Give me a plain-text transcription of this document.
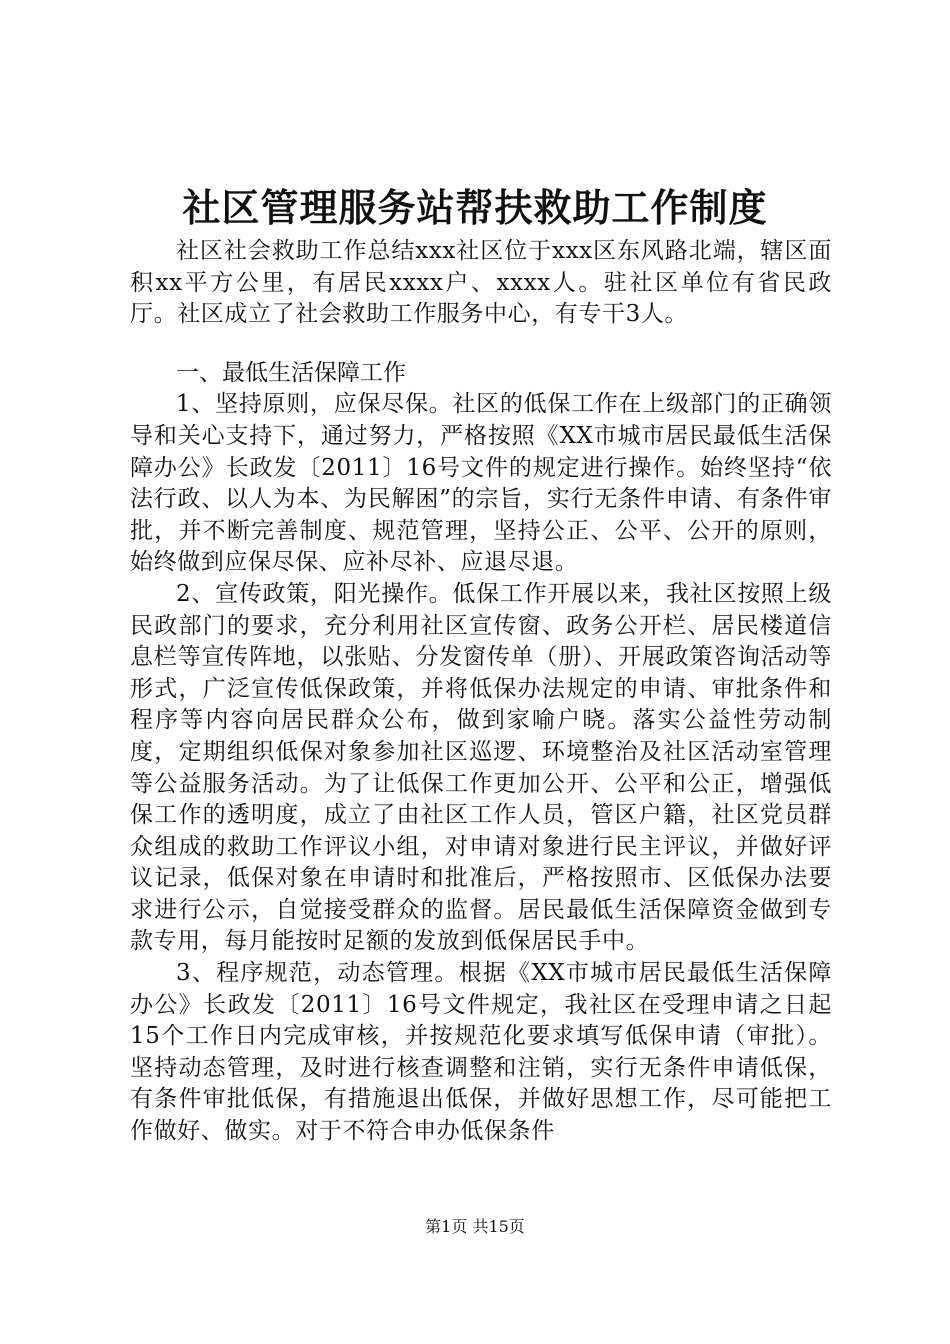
社区管理服务站帮扶救助工作制度

社区社会救助工作总结xxx社区位于xxx区东风路北端，辖区面积xx平方公里，有居民xxxx户、xxxx人。驻社区单位有省民政厅。社区成立了社会救助工作服务中心，有专干3人。

一、最低生活保障工作

1、坚持原则，应保尽保。社区的低保工作在上级部门的正确领导和关心支持下，通过努力，严格按照《XX市城市居民最低生活保障办公》长政发〔2011〕16号文件的规定进行操作。始终坚持“依法行政、以人为本、为民解困”的宗旨，实行无条件申请、有条件审批，并不断完善制度、规范管理，坚持公正、公平、公开的原则，始终做到应保尽保、应补尽补、应退尽退。

2、宣传政策，阳光操作。低保工作开展以来，我社区按照上级民政部门的要求，充分利用社区宣传窗、政务公开栏、居民楼道信息栏等宣传阵地，以张贴、分发窗传单（册）、开展政策咨询活动等形式，广泛宣传低保政策，并将低保办法规定的申请、审批条件和程序等内容向居民群众公布，做到家喻户晓。落实公益性劳动制度，定期组织低保对象参加社区巡逻、环境整治及社区活动室管理等公益服务活动。为了让低保工作更加公开、公平和公正，增强低保工作的透明度，成立了由社区工作人员，管区户籍，社区党员群众组成的救助工作评议小组，对申请对象进行民主评议，并做好评议记录，低保对象在申请时和批准后，严格按照市、区低保办法要求进行公示，自觉接受群众的监督。居民最低生活保障资金做到专款专用，每月能按时足额的发放到低保居民手中。

3、程序规范，动态管理。根据《XX市城市居民最低生活保障办公》长政发〔2011〕16号文件规定，我社区在受理申请之日起15个工作日内完成审核，并按规范化要求填写低保申请（审批）。坚持动态管理，及时进行核查调整和注销，实行无条件申请低保，有条件审批低保，有措施退出低保，并做好思想工作，尽可能把工作做好、做实。对于不符合申办低保条件

第1页 共15页
